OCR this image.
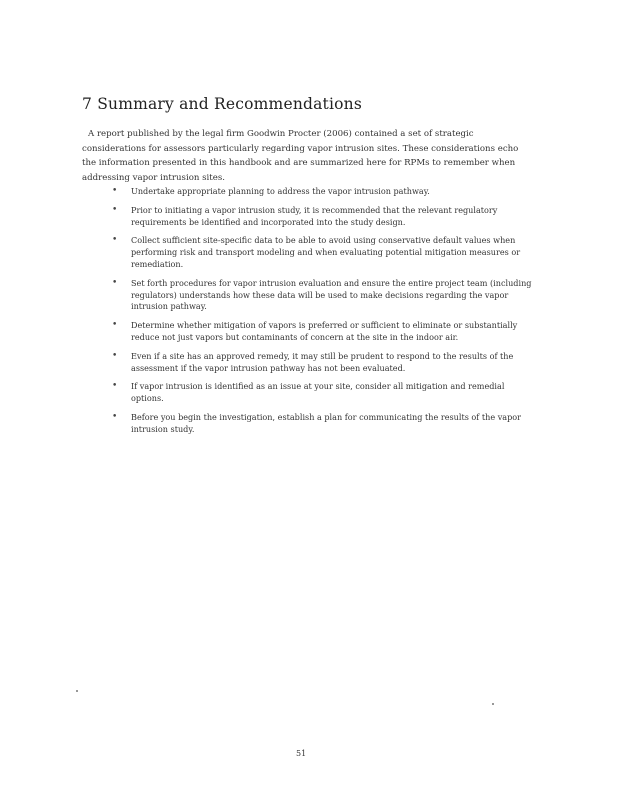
7 Summary and Recommendations

A report published by the legal firm Goodwin Procter (2006) contained a set of strategic considerations for assessors particularly regarding vapor intrusion sites. These considerations echo the information presented in this handbook and are summarized here for RPMs to remember when addressing vapor intrusion sites.

• Undertake appropriate planning to address the vapor intrusion pathway.
• Prior to initiating a vapor intrusion study, it is recommended that the relevant regulatory requirements be identified and incorporated into the study design.
• Collect sufficient site-specific data to be able to avoid using conservative default values when performing risk and transport modeling and when evaluating potential mitigation measures or remediation.
• Set forth procedures for vapor intrusion evaluation and ensure the entire project team (including regulators) understands how these data will be used to make decisions regarding the vapor intrusion pathway.
• Determine whether mitigation of vapors is preferred or sufficient to eliminate or substantially reduce not just vapors but contaminants of concern at the site in the indoor air.
• Even if a site has an approved remedy, it may still be prudent to respond to the results of the assessment if the vapor intrusion pathway has not been evaluated.
• If vapor intrusion is identified as an issue at your site, consider all mitigation and remedial options.
• Before you begin the investigation, establish a plan for communicating the results of the vapor intrusion study.
51
